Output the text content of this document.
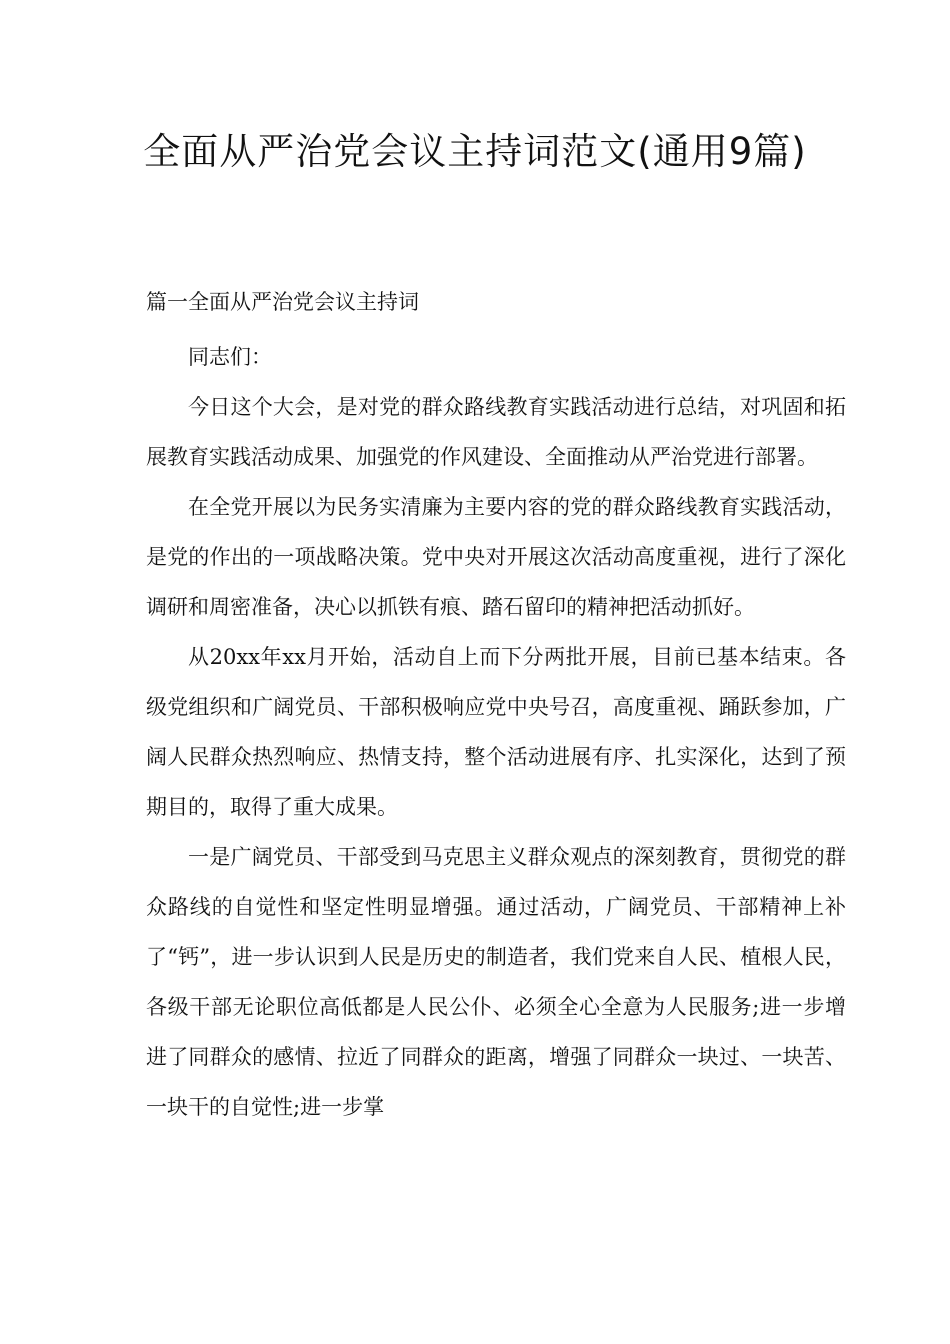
全面从严治党会议主持词范文(通用9篇)
篇一全面从严治党会议主持词

同志们：

今日这个大会，是对党的群众路线教育实践活动进行总结，对巩固和拓展教育实践活动成果、加强党的作风建设、全面推动从严治党进行部署。

在全党开展以为民务实清廉为主要内容的党的群众路线教育实践活动，是党的作出的一项战略决策。党中央对开展这次活动高度重视，进行了深化调研和周密准备，决心以抓铁有痕、踏石留印的精神把活动抓好。

从20xx年xx月开始，活动自上而下分两批开展，目前已基本结束。各级党组织和广阔党员、干部积极响应党中央号召，高度重视、踊跃参加，广阔人民群众热烈响应、热情支持，整个活动进展有序、扎实深化，达到了预期目的，取得了重大成果。

一是广阔党员、干部受到马克思主义群众观点的深刻教育，贯彻党的群众路线的自觉性和坚定性明显增强。通过活动，广阔党员、干部精神上补了“钙”，进一步认识到人民是历史的制造者，我们党来自人民、植根人民，各级干部无论职位高低都是人民公仆、必须全心全意为人民服务;进一步增进了同群众的感情、拉近了同群众的距离，增强了同群众一块过、一块苦、一块干的自觉性;进一步掌
